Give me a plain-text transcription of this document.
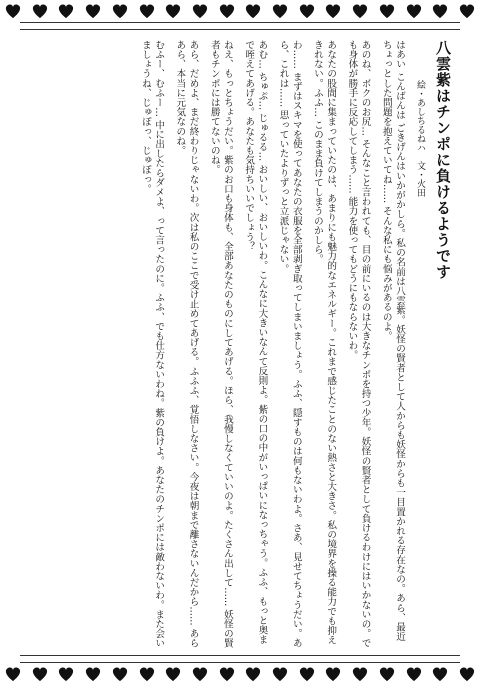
八雲紫はチンポに負けるようです
絵・あしちるねハ　文・火田
はあい こんばんは ごきげんはいかがかしら。私の名前は八雲紫。妖怪の賢者として人からも妖怪からも一目置かれる存在なの。あら、最近ちょっとした問題を抱えていてね…… そんな私にも悩みがあるのよ。
あのね、ボクのお尻… そんなこと言われても、目の前にいるのは大きなチンポを持つ少年。妖怪の賢者として負けるわけにはいかないの。でも身体が勝手に反応してしまう…… 能力を使ってもどうにもならないわ。
あなたの股間に集まっていたのは、あまりにも魅力的なエネルギー。これまで感じたことのない熱さと大きさ。私の境界を操る能力でも抑えきれない。ふふ… このまま負けてしまうのかしら。
わ…… まずはスキマを使ってあなたの衣服を全部剥ぎ取ってしまいましょう。ふふ、隠すものは何もないわよ。さあ、見せてちょうだい。あら、これは…… 思っていたよりずっと立派じゃない。
あむ… ちゅぷ… じゅるる… おいしい、おいしいわ。こんなに大きいなんて反則よ。紫の口の中がいっぱいになっちゃう。ふふ、もっと奥まで咥えてあげる。あなたも気持ちいいでしょう？
ねえ、もっとちょうだい。紫のお口も身体も、全部あなたのものにしてあげる。ほら、我慢しなくていいのよ。たくさん出して…… 妖怪の賢者もチンポには勝てないのね。
あら、だめよ、まだ終わりじゃないわ。次は私のここで受け止めてあげる。ふふふ、覚悟しなさい。今夜は朝まで離さないんだから…… あらあら、本当に元気なのね。
むふー、むふー… 中に出したらダメよ、って言ったのに。ふふ、でも仕方ないわね。紫の負けよ。あなたのチンポには敵わないわ。また会いましょうね、じゅぽっ、じゅぽっ。
